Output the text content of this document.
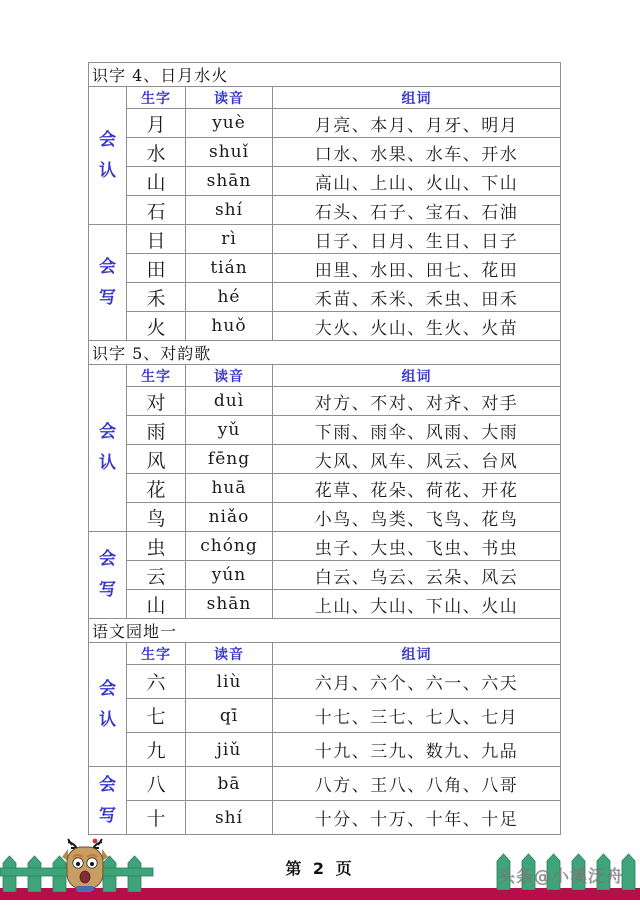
识字 4、日月水火			
会认	生字	读音	组词
	月	yuè	月亮、本月、月牙、明月
	水	shuǐ	口水、水果、水车、开水
	山	shān	高山、上山、火山、下山
	石	shí	石头、石子、宝石、石油
会写	日	rì	日子、日月、生日、日子
	田	tián	田里、水田、田七、花田
	禾	hé	禾苗、禾米、禾虫、田禾
	火	huǒ	大火、火山、生火、火苗
识字 5、对韵歌			
会认	生字	读音	组词
	对	duì	对方、不对、对齐、对手
	雨	yǔ	下雨、雨伞、风雨、大雨
	风	fēng	大风、风车、风云、台风
	花	huā	花草、花朵、荷花、开花
	鸟	niǎo	小鸟、鸟类、飞鸟、花鸟
会写	虫	chóng	虫子、大虫、飞虫、书虫
	云	yún	白云、乌云、云朵、风云
	山	shān	上山、大山、下山、火山
语文园地一			
会认	生字	读音	组词
	六	liù	六月、六个、六一、六天
	七	qī	十七、三七、七人、七月
	九	jiǔ	十九、三九、数九、九品
会写	八	bā	八方、王八、八角、八哥
	十	shí	十分、十万、十年、十足
第 2 页	头条@小溪泛舟
